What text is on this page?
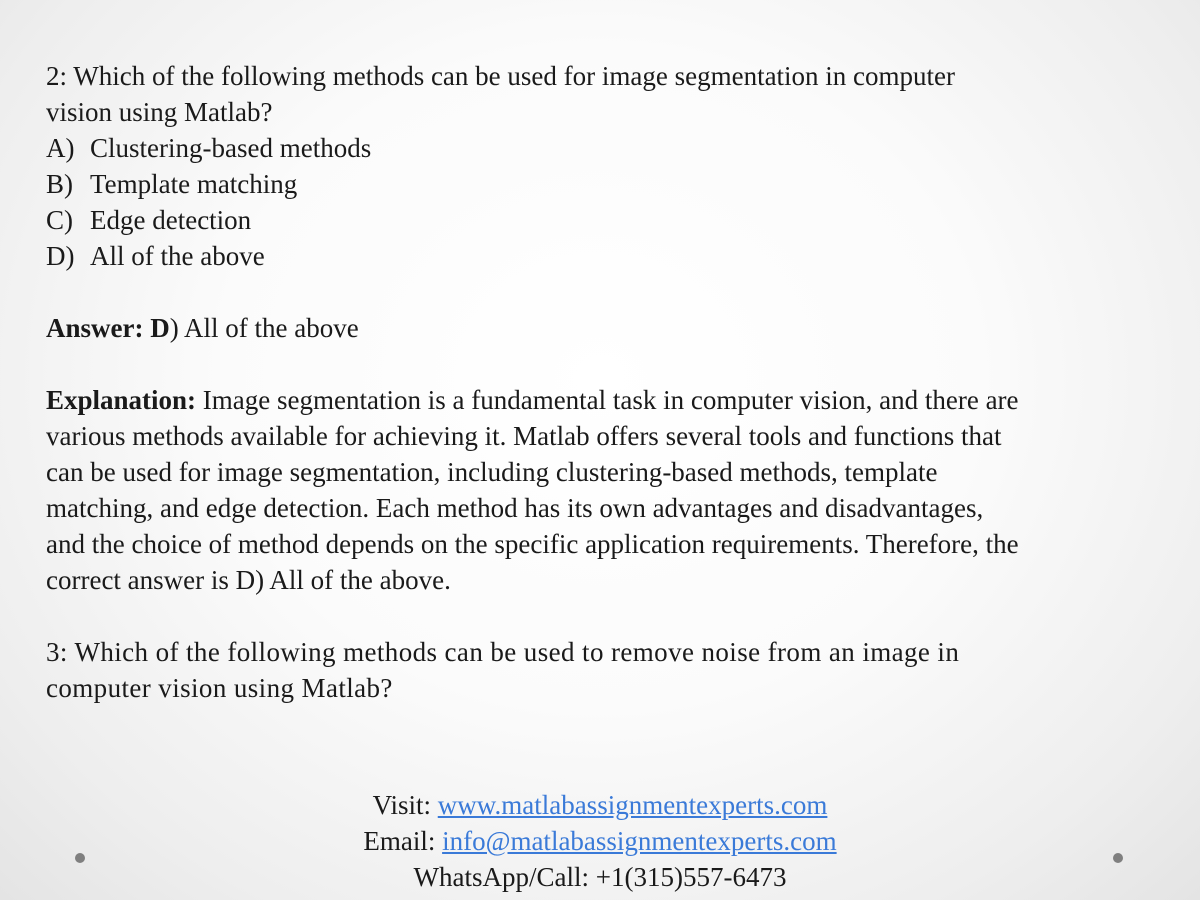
2: Which of the following methods can be used for image segmentation in computer

vision using Matlab?

A) Clustering-based methods

B) Template matching

C) Edge detection

D) All of the above

Answer: D) All of the above

Explanation: Image segmentation is a fundamental task in computer vision, and there are

various methods available for achieving it. Matlab offers several tools and functions that

can be used for image segmentation, including clustering-based methods, template

matching, and edge detection. Each method has its own advantages and disadvantages,

and the choice of method depends on the specific application requirements. Therefore, the

correct answer is D) All of the above.

3: Which of the following methods can be used to remove noise from an image in

computer vision using Matlab?

Visit: www.matlabassignmentexperts.com
Email: info@matlabassignmentexperts.com
WhatsApp/Call: +1(315)557-6473
